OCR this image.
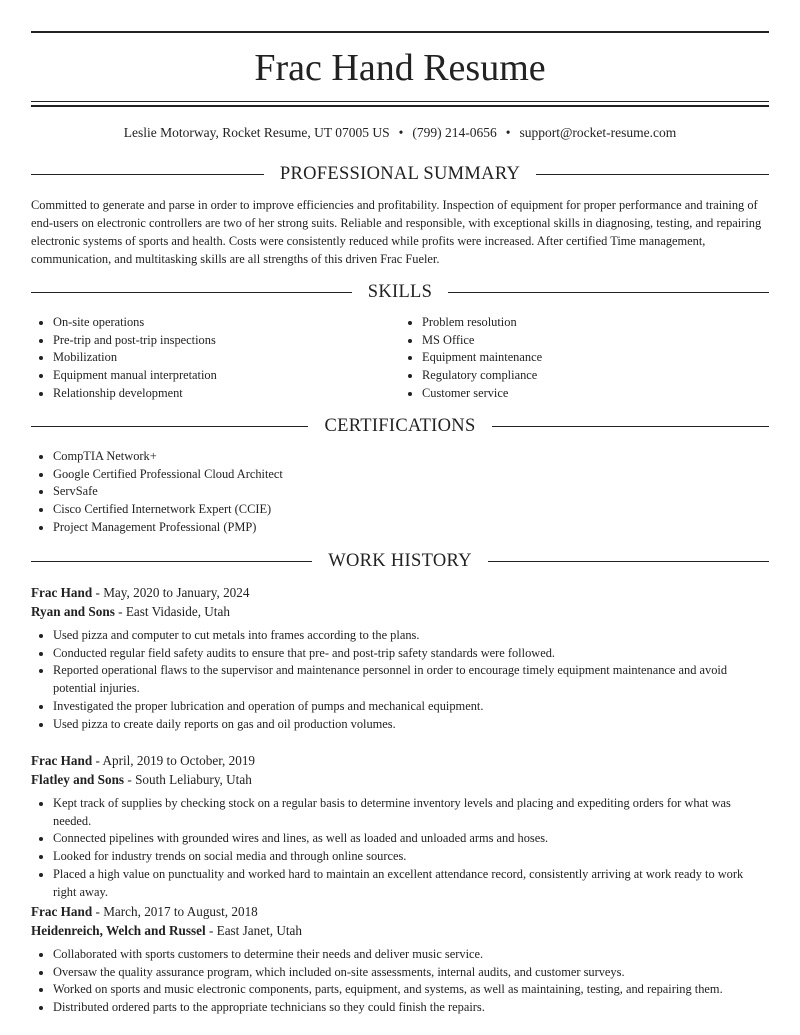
Frac Hand Resume
Leslie Motorway, Rocket Resume, UT 07005 US • (799) 214-0656 • support@rocket-resume.com
PROFESSIONAL SUMMARY

Committed to generate and parse in order to improve efficiencies and profitability. Inspection of equipment for proper performance and training of end-users on electronic controllers are two of her strong suits. Reliable and responsible, with exceptional skills in diagnosing, testing, and repairing electronic systems of sports and health. Costs were consistently reduced while profits were increased. After certified Time management, communication, and multitasking skills are all strengths of this driven Frac Fueler.

SKILLS
• On-site operations
• Pre-trip and post-trip inspections
• Mobilization
• Equipment manual interpretation
• Relationship development
• Problem resolution
• MS Office
• Equipment maintenance
• Regulatory compliance
• Customer service
CERTIFICATIONS
• CompTIA Network+
• Google Certified Professional Cloud Architect
• ServSafe
• Cisco Certified Internetwork Expert (CCIE)
• Project Management Professional (PMP)
WORK HISTORY
Frac Hand - May, 2020 to January, 2024
Ryan and Sons - East Vidaside, Utah
• Used pizza and computer to cut metals into frames according to the plans.
• Conducted regular field safety audits to ensure that pre- and post-trip safety standards were followed.
• Reported operational flaws to the supervisor and maintenance personnel in order to encourage timely equipment maintenance and avoid potential injuries.
• Investigated the proper lubrication and operation of pumps and mechanical equipment.
• Used pizza to create daily reports on gas and oil production volumes.
Frac Hand - April, 2019 to October, 2019
Flatley and Sons - South Leliabury, Utah
• Kept track of supplies by checking stock on a regular basis to determine inventory levels and placing and expediting orders for what was needed.
• Connected pipelines with grounded wires and lines, as well as loaded and unloaded arms and hoses.
• Looked for industry trends on social media and through online sources.
• Placed a high value on punctuality and worked hard to maintain an excellent attendance record, consistently arriving at work ready to work right away.
Frac Hand - March, 2017 to August, 2018
Heidenreich, Welch and Russel - East Janet, Utah
• Collaborated with sports customers to determine their needs and deliver music service.
• Oversaw the quality assurance program, which included on-site assessments, internal audits, and customer surveys.
• Worked on sports and music electronic components, parts, equipment, and systems, as well as maintaining, testing, and repairing them.
• Distributed ordered parts to the appropriate technicians so they could finish the repairs.
